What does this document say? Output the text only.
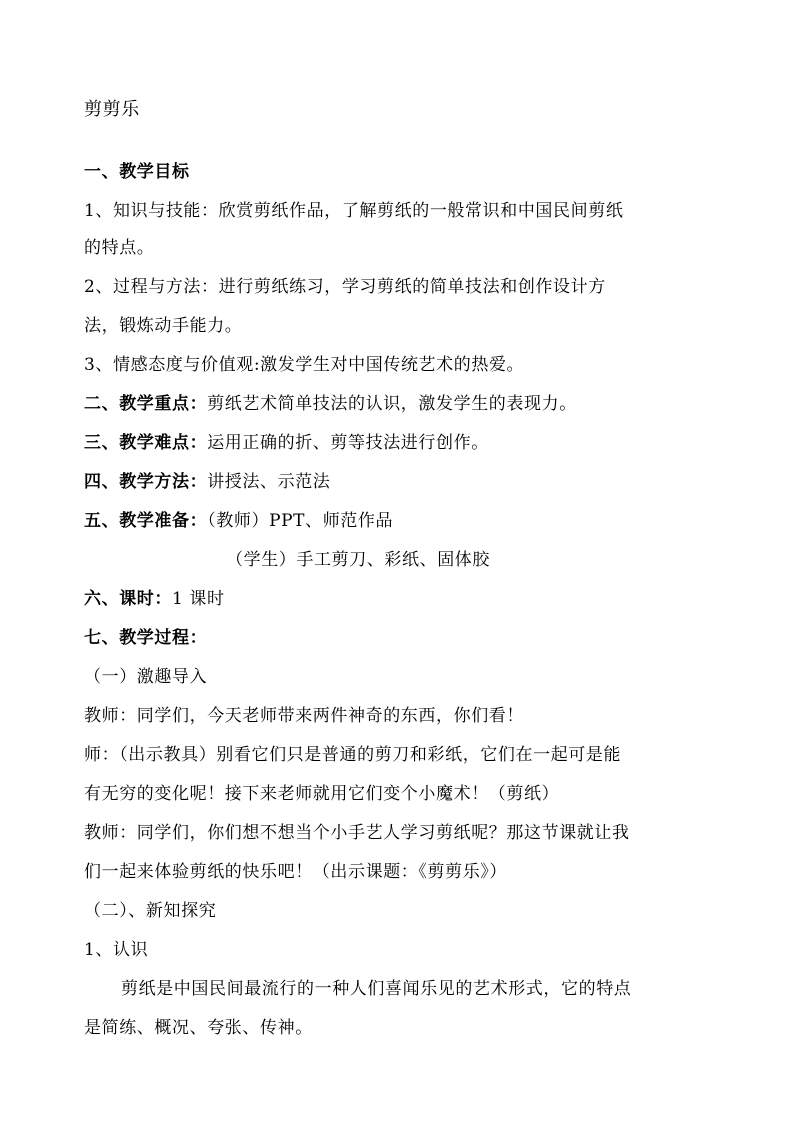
剪剪乐

一、教学目标

1、知识与技能：欣赏剪纸作品，了解剪纸的一般常识和中国民间剪纸

的特点。

2、过程与方法：进行剪纸练习，学习剪纸的简单技法和创作设计方

法，锻炼动手能力。

3、情感态度与价值观:激发学生对中国传统艺术的热爱。

二、教学重点：剪纸艺术简单技法的认识，激发学生的表现力。

三、教学难点：运用正确的折、剪等技法进行创作。

四、教学方法：讲授法、示范法

五、教学准备：（教师）PPT、师范作品

（学生）手工剪刀、彩纸、固体胶

六、课时：1 课时

七、教学过程：

（一）激趣导入

教师：同学们，今天老师带来两件神奇的东西，你们看！

师：（出示教具）别看它们只是普通的剪刀和彩纸，它们在一起可是能

有无穷的变化呢！接下来老师就用它们变个小魔术！（剪纸）

教师：同学们，你们想不想当个小手艺人学习剪纸呢？那这节课就让我

们一起来体验剪纸的快乐吧！（出示课题：《剪剪乐》）

（二）、新知探究

1、认识

剪纸是中国民间最流行的一种人们喜闻乐见的艺术形式，它的特点

是简练、概况、夸张、传神。
